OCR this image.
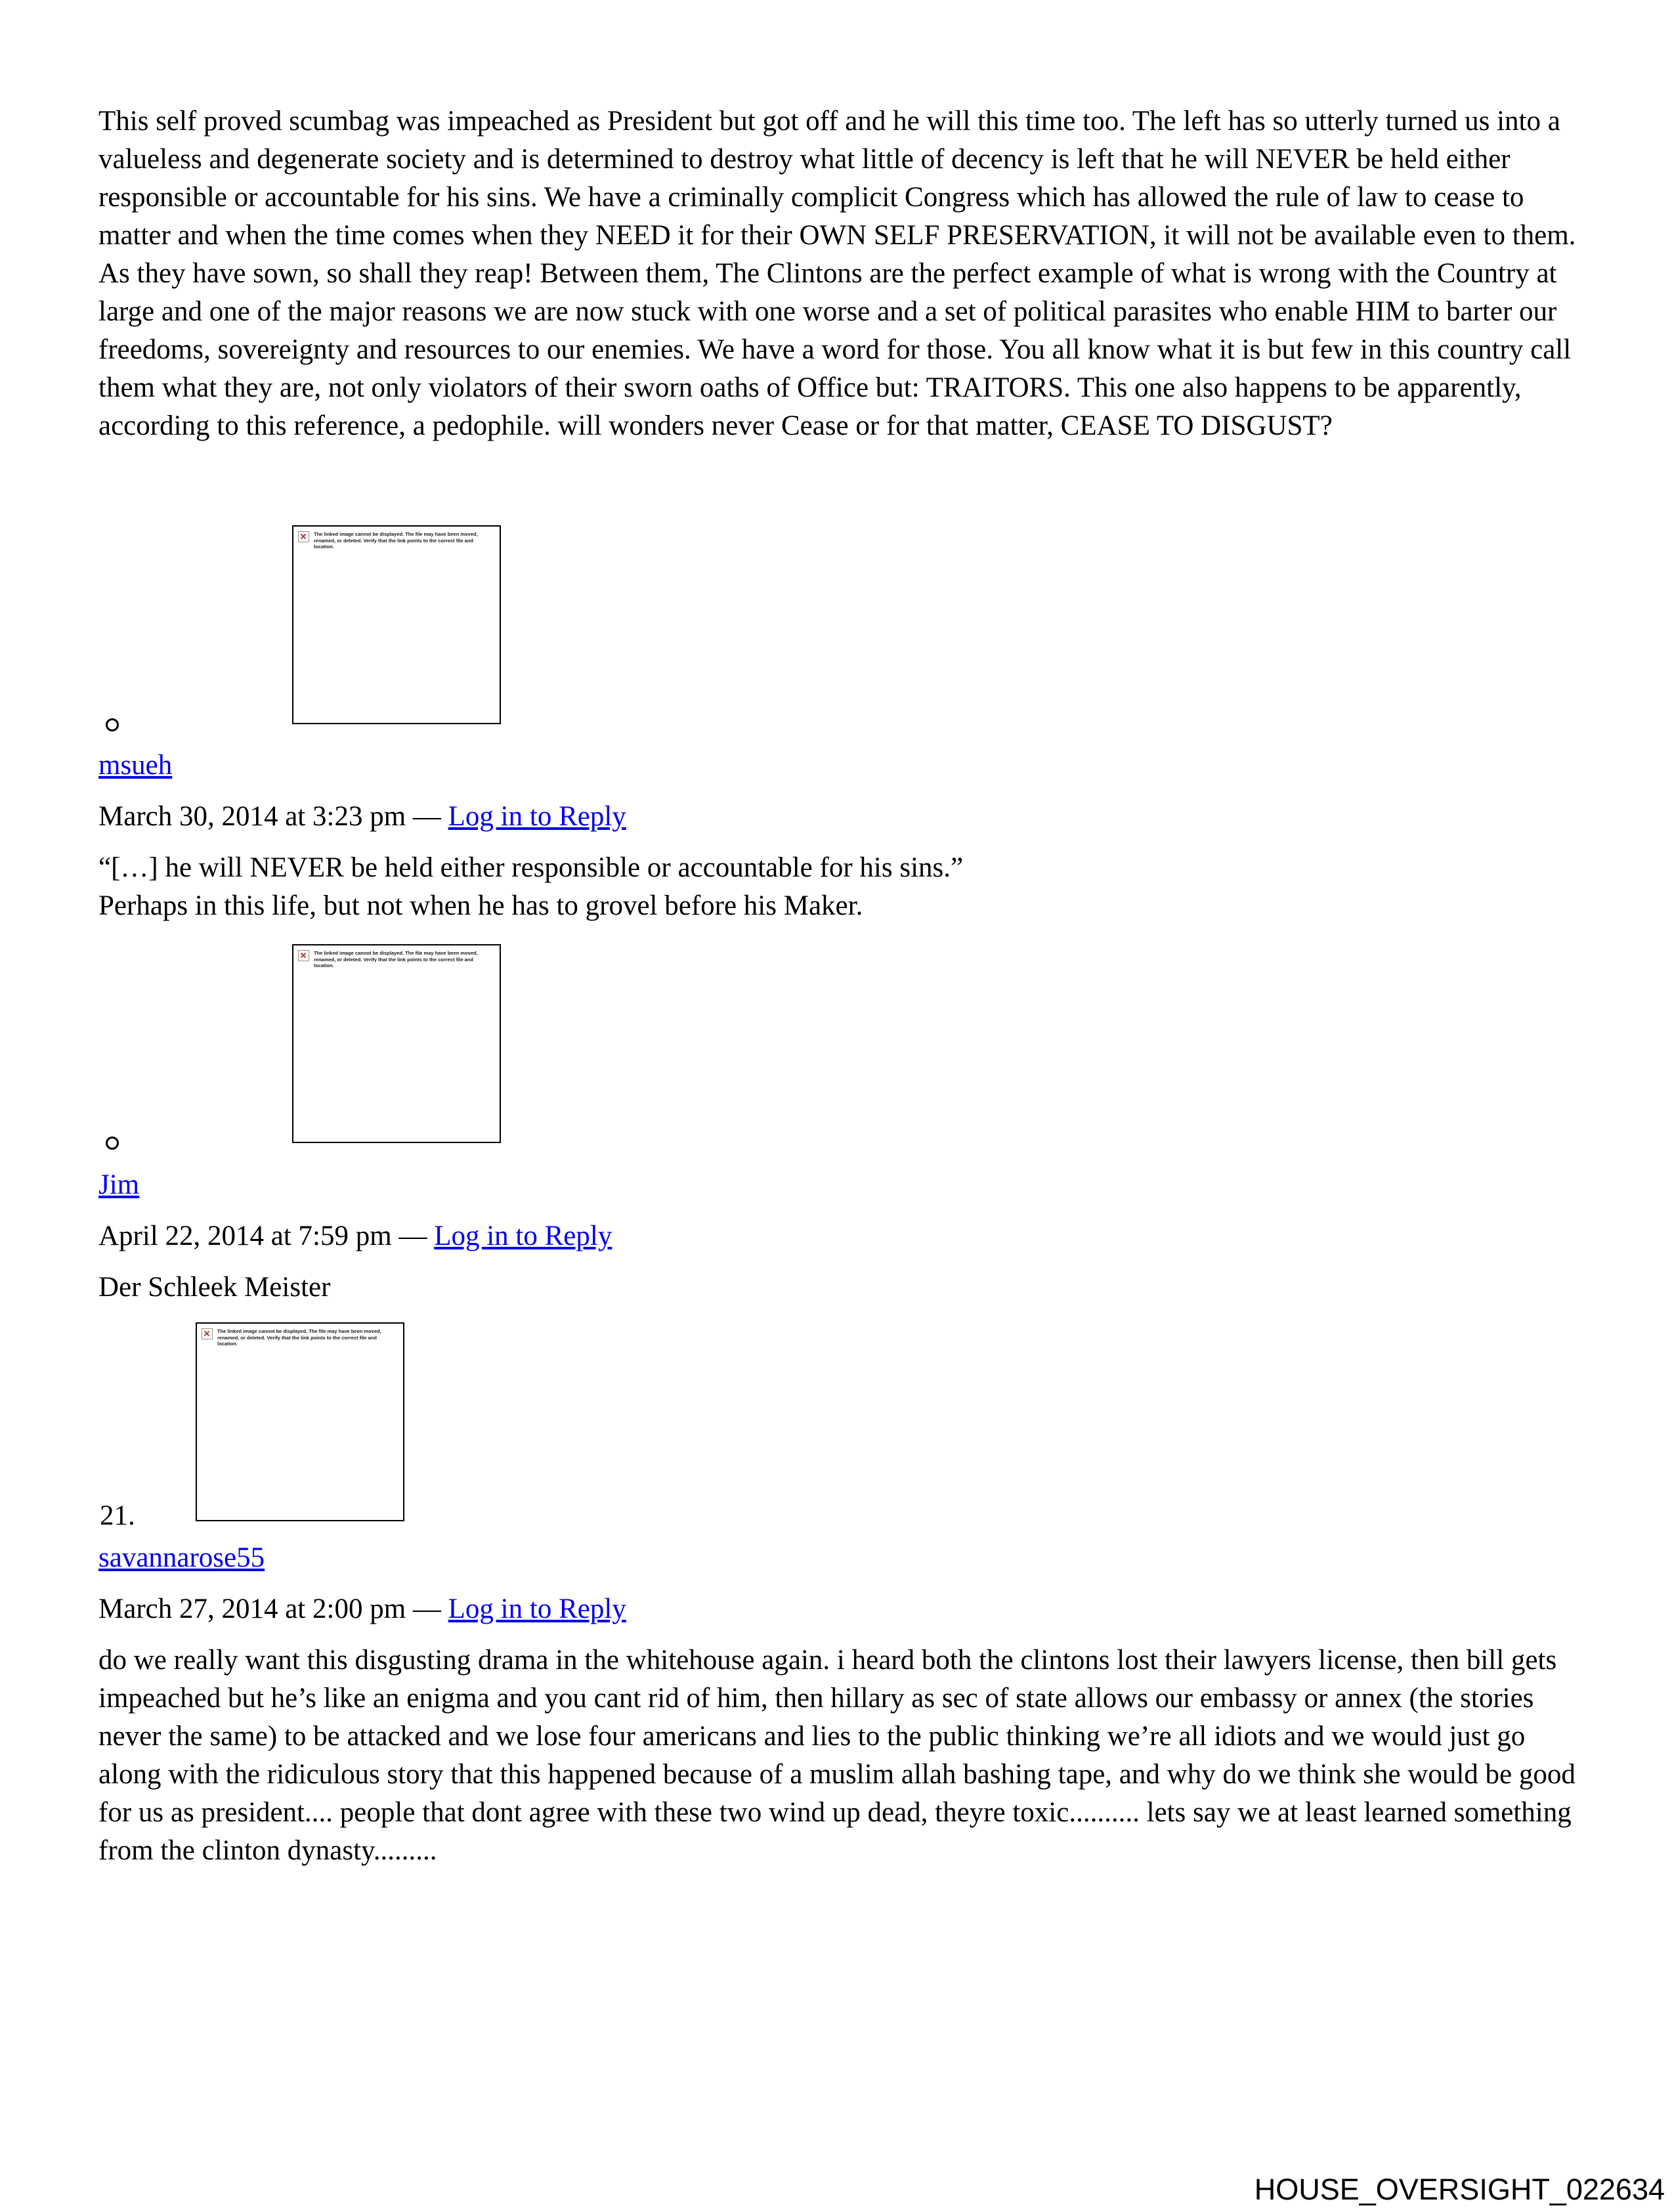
This self proved scumbag was impeached as President but got off and he will this time too. The left has so utterly turned us into a valueless and degenerate society and is determined to destroy what little of decency is left that he will NEVER be held either responsible or accountable for his sins. We have a criminally complicit Congress which has allowed the rule of law to cease to matter and when the time comes when they NEED it for their OWN SELF PRESERVATION, it will not be available even to them. As they have sown, so shall they reap! Between them, The Clintons are the perfect example of what is wrong with the Country at large and one of the major reasons we are now stuck with one worse and a set of political parasites who enable HIM to barter our freedoms, sovereignty and resources to our enemies. We have a word for those. You all know what it is but few in this country call them what they are, not only violators of their sworn oaths of Office but: TRAITORS. This one also happens to be apparently, according to this reference, a pedophile. will wonders never Cease or for that matter, CEASE TO DISGUST?
The linked image cannot be displayed. The file may have been moved, renamed, or deleted. Verify that the link points to the correct file and location.
msueh
March 30, 2014 at 3:23 pm — Log in to Reply
“[…] he will NEVER be held either responsible or accountable for his sins.”
Perhaps in this life, but not when he has to grovel before his Maker.
The linked image cannot be displayed. The file may have been moved, renamed, or deleted. Verify that the link points to the correct file and location.
Jim
April 22, 2014 at 7:59 pm — Log in to Reply
Der Schleek Meister
The linked image cannot be displayed. The file may have been moved, renamed, or deleted. Verify that the link points to the correct file and location.
21.
savannarose55
March 27, 2014 at 2:00 pm — Log in to Reply
do we really want this disgusting drama in the whitehouse again. i heard both the clintons lost their lawyers license, then bill gets impeached but he’s like an enigma and you cant rid of him, then hillary as sec of state allows our embassy or annex (the stories never the same) to be attacked and we lose four americans and lies to the public thinking we’re all idiots and we would just go along with the ridiculous story that this happened because of a muslim allah bashing tape, and why do we think she would be good for us as president.... people that dont agree with these two wind up dead, theyre toxic.......... lets say we at least learned something from the clinton dynasty.........
HOUSE_OVERSIGHT_022634
